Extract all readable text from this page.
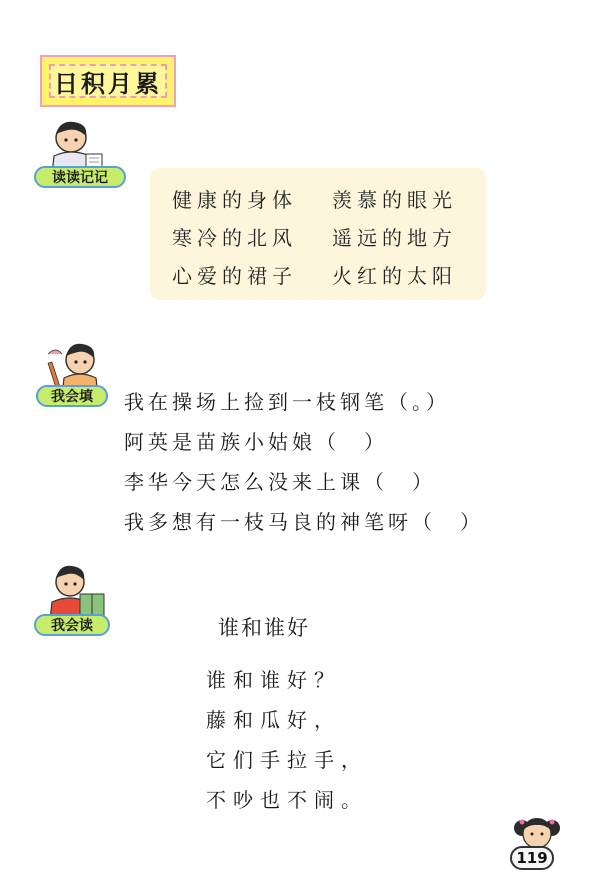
日积月累
读读记记
健康的身体 羡慕的眼光
寒冷的北风 遥远的地方
心爱的裙子 火红的太阳
我会填	我在操场上捡到一枝钢笔（。）
阿英是苗族小姑娘（　）
李华今天怎么没来上课（　）
我多想有一枝马良的神笔呀（　）
我会读	谁和谁好
谁和谁好？
藤和瓜好，
它们手拉手，
不吵也不闹。
119
